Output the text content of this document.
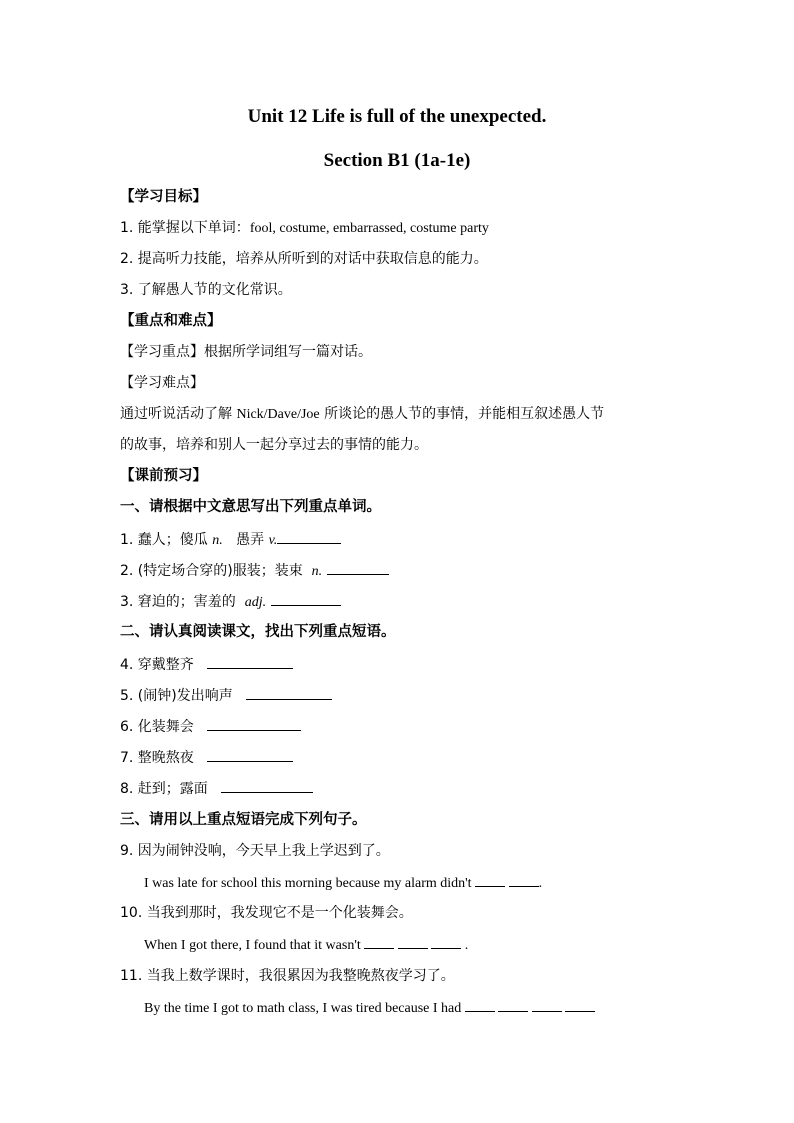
Unit 12 Life is full of the unexpected.
Section B1 (1a-1e)
【学习目标】
1. 能掌握以下单词：fool, costume, embarrassed, costume party
2. 提高听力技能，培养从所听到的对话中获取信息的能力。
3. 了解愚人节的文化常识。
【重点和难点】
【学习重点】根据所学词组写一篇对话。
【学习难点】
通过听说活动了解 Nick/Dave/Joe 所谈论的愚人节的事情，并能相互叙述愚人节
的故事，培养和别人一起分享过去的事情的能力。
【课前预习】
一、请根据中文意思写出下列重点单词。
1. 蠢人；傻瓜 n. 愚弄 v.
2. (特定场合穿的)服装；装束 n.
3. 窘迫的；害羞的 adj.
二、请认真阅读课文，找出下列重点短语。
4. 穿戴整齐
5. (闹钟)发出响声
6. 化装舞会
7. 整晚熬夜
8. 赶到；露面
三、请用以上重点短语完成下列句子。
9. 因为闹钟没响，今天早上我上学迟到了。
I was late for school this morning because my alarm didn't	.
10. 当我到那时，我发现它不是一个化装舞会。
When I got there, I found that it wasn't	.
11. 当我上数学课时，我很累因为我整晚熬夜学习了。
By the time I got to math class, I was tired because I had
